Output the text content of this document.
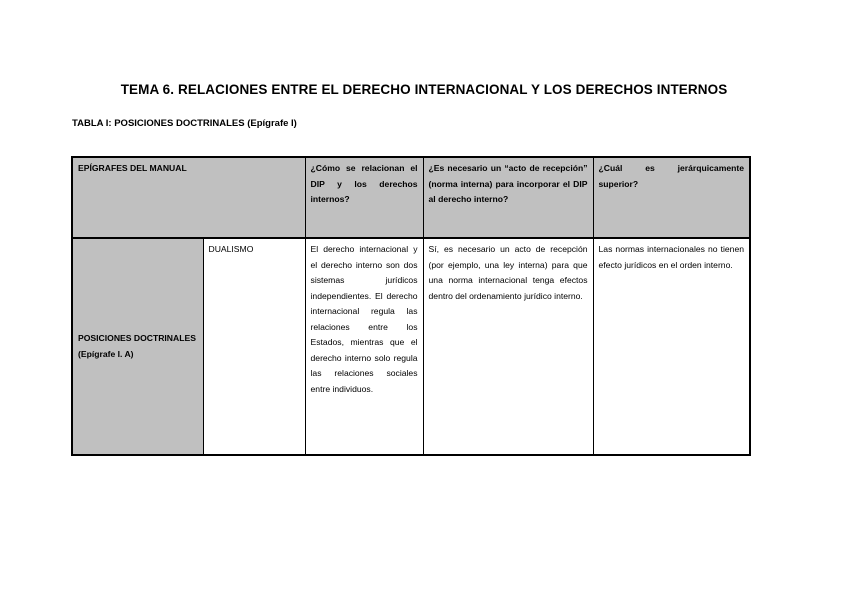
TEMA 6. RELACIONES ENTRE EL DERECHO INTERNACIONAL Y LOS DERECHOS INTERNOS
TABLA I: POSICIONES DOCTRINALES (Epígrafe I)
EPÍGRAFES DEL MANUAL		¿Cómo se relacionan el DIP y los derechos internos?	¿Es necesario un “acto de recepción” (norma interna) para incorporar el DIP al derecho interno?	¿Cuál es jerárquicamente superior?

POSICIONES DOCTRINALES
(Epígrafe I. A)	DUALISMO	El derecho internacional y el derecho interno son dos sistemas jurídicos independientes. El derecho internacional regula las relaciones entre los Estados, mientras que el derecho interno solo regula las relaciones sociales entre individuos.	Sí, es necesario un acto de recepción (por ejemplo, una ley interna) para que una norma internacional tenga efectos dentro del ordenamiento jurídico interno.	Las normas internacionales no tienen efecto jurídicos en el orden interno.
